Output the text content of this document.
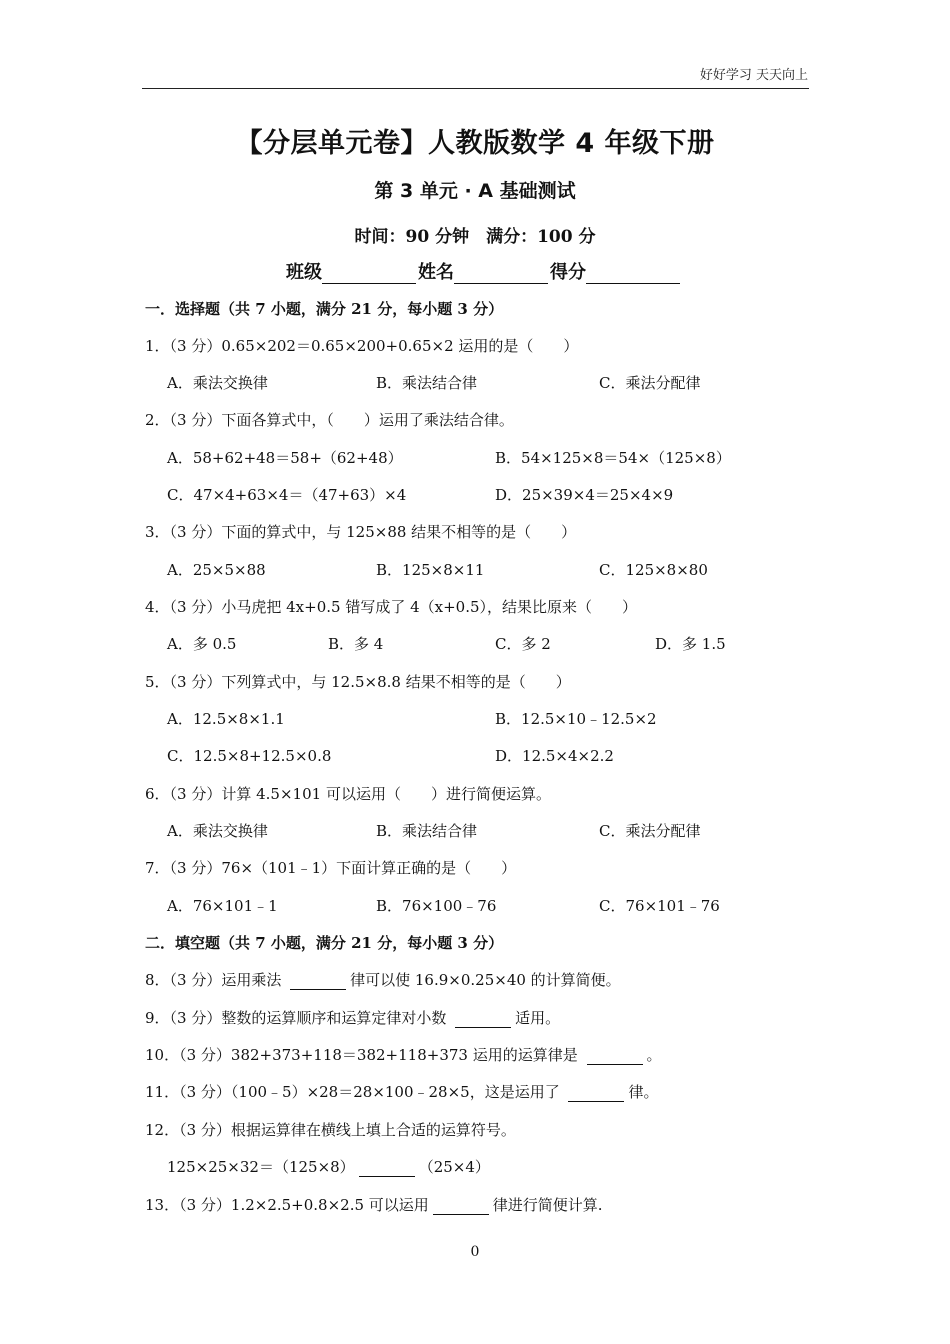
好好学习 天天向上
【分层单元卷】人教版数学 4 年级下册
第 3 单元 · A 基础测试
时间：90 分钟　满分：100 分
班级	姓名	得分
一．选择题（共 7 小题，满分 21 分，每小题 3 分）
1．（3 分）0.65×202＝0.65×200+0.65×2 运用的是（　　）
A．乘法交换律	B．乘法结合律	C．乘法分配律
2．（3 分）下面各算式中，（　　）运用了乘法结合律。
A．58+62+48＝58+（62+48）	B．54×125×8＝54×（125×8）
C．47×4+63×4＝（47+63）×4	D．25×39×4＝25×4×9
3．（3 分）下面的算式中，与 125×88 结果不相等的是（　　）
A．25×5×88	B．125×8×11	C．125×8×80
4．（3 分）小马虎把 4x+0.5 错写成了 4（x+0.5），结果比原来（　　）
A．多 0.5	B．多 4	C．多 2	D．多 1.5
5．（3 分）下列算式中，与 12.5×8.8 结果不相等的是（　　）
A．12.5×8×1.1	B．12.5×10﹣12.5×2
C．12.5×8+12.5×0.8	D．12.5×4×2.2
6．（3 分）计算 4.5×101 可以运用（　　）进行简便运算。
A．乘法交换律	B．乘法结合律	C．乘法分配律
7．（3 分）76×（101﹣1）下面计算正确的是（　　）
A．76×101﹣1	B．76×100﹣76	C．76×101﹣76
二．填空题（共 7 小题，满分 21 分，每小题 3 分）
8．（3 分）运用乘法	律可以使 16.9×0.25×40 的计算简便。
9．（3 分）整数的运算顺序和运算定律对小数	适用。
10．（3 分）382+373+118＝382+118+373 运用的运算律是	。
11．（3 分）（100﹣5）×28＝28×100﹣28×5，这是运用了	律。
12．（3 分）根据运算律在横线上填上合适的运算符号。
125×25×32＝（125×8）	（25×4）
13．（3 分）1.2×2.5+0.8×2.5 可以运用	律进行简便计算.
0
